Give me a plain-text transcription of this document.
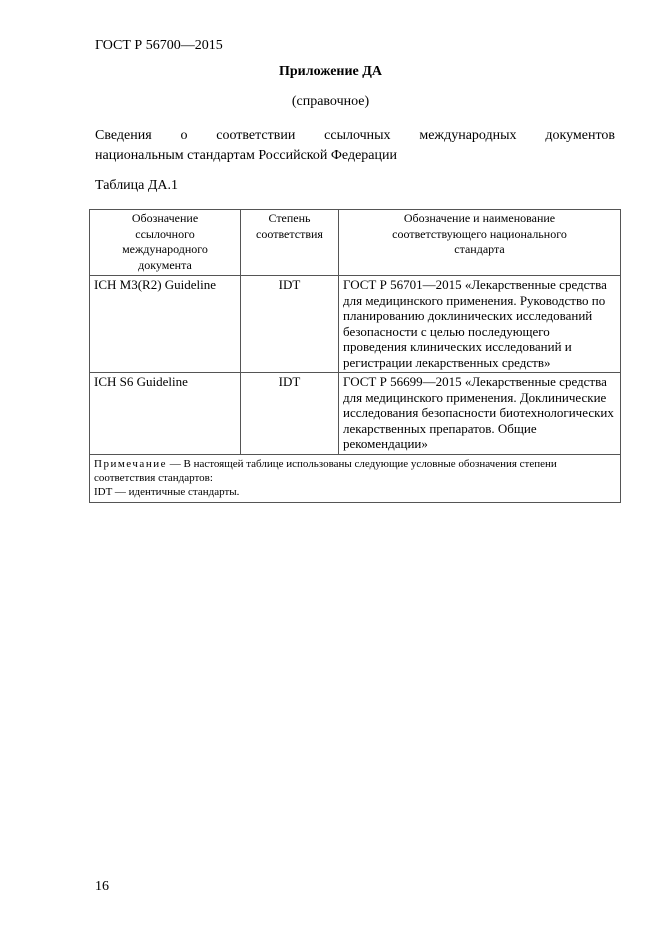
ГОСТ Р 56700—2015
Приложение ДА
(справочное)
Сведения о соответствии ссылочных международных документов
национальным стандартам Российской Федерации
Таблица ДА.1
Обозначение ссылочного международного документа	Степень соответствия	Обозначение и наименование соответствующего национального стандарта
ICH M3(R2) Guideline	IDT	ГОСТ Р 56701—2015 «Лекарственные средства для медицинского применения. Руководство по планированию доклинических исследований безопасности с целью последующего проведения клинических исследований и регистрации лекарственных средств»
ICH S6 Guideline	IDT	ГОСТ Р 56699—2015 «Лекарственные средства для медицинского применения. Доклинические исследования безопасности биотехнологических лекарственных препаратов. Общие рекомендации»
Примечание — В настоящей таблице использованы следующие условные обозначения степени соответствия стандартов:
IDT — идентичные стандарты.		
16
